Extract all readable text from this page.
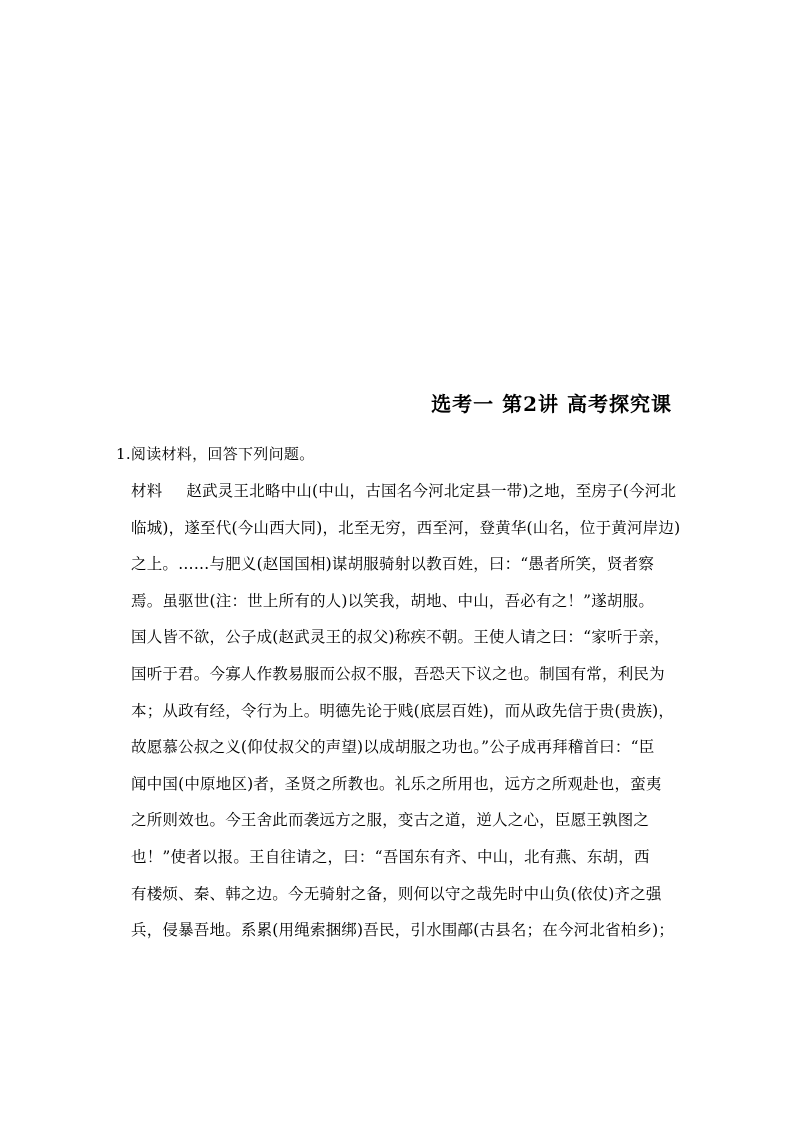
选考一 第2讲 高考探究课
1.阅读材料，回答下列问题。
材料 赵武灵王北略中山(中山，古国名今河北定县一带)之地，至房子(今河北
临城)，遂至代(今山西大同)，北至无穷，西至河，登黄华(山名，位于黄河岸边)
之上。……与肥义(赵国国相)谋胡服骑射以教百姓，曰：“愚者所笑，贤者察
焉。虽驱世(注：世上所有的人)以笑我，胡地、中山，吾必有之！”遂胡服。
国人皆不欲，公子成(赵武灵王的叔父)称疾不朝。王使人请之曰：“家听于亲，
国听于君。今寡人作教易服而公叔不服，吾恐天下议之也。制国有常，利民为
本；从政有经，令行为上。明德先论于贱(底层百姓)，而从政先信于贵(贵族)，
故愿慕公叔之义(仰仗叔父的声望)以成胡服之功也。”公子成再拜稽首曰：“臣
闻中国(中原地区)者，圣贤之所教也。礼乐之所用也，远方之所观赴也，蛮夷
之所则效也。今王舍此而袭远方之服，变古之道，逆人之心，臣愿王孰图之
也！”使者以报。王自往请之，曰：“吾国东有齐、中山，北有燕、东胡，西
有楼烦、秦、韩之边。今无骑射之备，则何以守之哉先时中山负(依仗)齐之强
兵，侵暴吾地。系累(用绳索捆绑)吾民，引水围鄗(古县名；在今河北省柏乡)；
